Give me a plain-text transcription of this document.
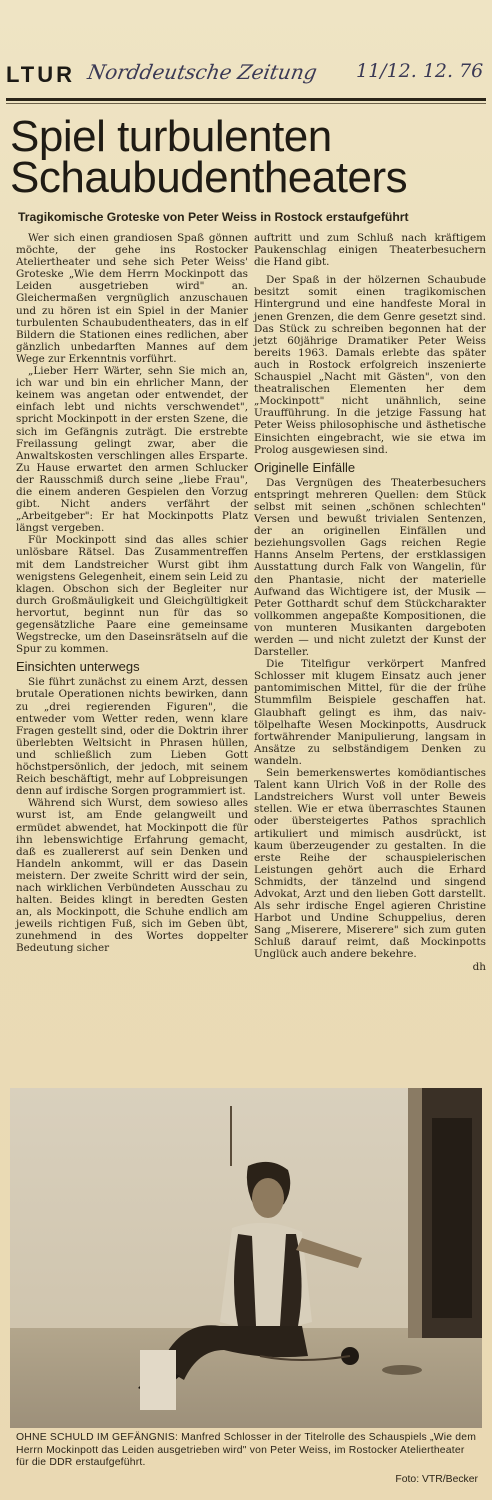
LTUR Norddeutsche Zeitung 11/12. 12. 76
Spiel turbulenten
Schaubudentheaters
Tragikomische Groteske von Peter Weiss in Rostock erstaufgeführt

Wer sich einen grandiosen Spaß gönnen möchte, der gehe ins Rostocker Ateliertheater und sehe sich Peter Weiss' Groteske „Wie dem Herrn Mockinpott das Leiden ausgetrieben wird" an. Gleichermaßen vergnüglich anzuschauen und zu hören ist ein Spiel in der Manier turbulenten Schaubudentheaters, das in elf Bildern die Stationen eines redlichen, aber gänzlich unbedarften Mannes auf dem Wege zur Erkenntnis vorführt.

„Lieber Herr Wärter, sehn Sie mich an, ich war und bin ein ehrlicher Mann, der keinem was angetan oder entwendet, der einfach lebt und nichts verschwendet", spricht Mockinpott in der ersten Szene, die sich im Gefängnis zuträgt. Die erstrebte Freilassung gelingt zwar, aber die Anwaltskosten verschlingen alles Ersparte. Zu Hause erwartet den armen Schlucker der Rausschmiß durch seine „liebe Frau", die einem anderen Gespielen den Vorzug gibt. Nicht anders verfährt der „Arbeitgeber": Er hat Mockinpotts Platz längst vergeben.

Für Mockinpott sind das alles schier unlösbare Rätsel. Das Zusammentreffen mit dem Landstreicher Wurst gibt ihm wenigstens Gelegenheit, einem sein Leid zu klagen. Obschon sich der Begleiter nur durch Großmäuligkeit und Gleichgültigkeit hervortut, beginnt nun für das so gegensätzliche Paare eine gemeinsame Wegstrecke, um den Daseinsrätseln auf die Spur zu kommen.

Einsichten unterwegs

Sie führt zunächst zu einem Arzt, dessen brutale Operationen nichts bewirken, dann zu „drei regierenden Figuren", die entweder vom Wetter reden, wenn klare Fragen gestellt sind, oder die Doktrin ihrer überlebten Weltsicht in Phrasen hüllen, und schließlich zum Lieben Gott höchstpersönlich, der jedoch, mit seinem Reich beschäftigt, mehr auf Lobpreisungen denn auf irdische Sorgen programmiert ist.

Während sich Wurst, dem sowieso alles wurst ist, am Ende gelangweilt und ermüdet abwendet, hat Mockinpott die für ihn lebenswichtige Erfahrung gemacht, daß es zuallererst auf sein Denken und Handeln ankommt, will er das Dasein meistern. Der zweite Schritt wird der sein, nach wirklichen Verbündeten Ausschau zu halten. Beides klingt in beredten Gesten an, als Mockinpott, die Schuhe endlich am jeweils richtigen Fuß, sich im Geben übt, zunehmend in des Wortes doppelter Bedeutung sicher

auftritt und zum Schluß nach kräftigem Paukenschlag einigen Theaterbesuchern die Hand gibt.

Der Spaß in der hölzernen Schaubude besitzt somit einen tragikomischen Hintergrund und eine handfeste Moral in jenen Grenzen, die dem Genre gesetzt sind. Das Stück zu schreiben begonnen hat der jetzt 60jährige Dramatiker Peter Weiss bereits 1963. Damals erlebte das später auch in Rostock erfolgreich inszenierte Schauspiel „Nacht mit Gästen", von den theatralischen Elementen her dem „Mockinpott" nicht unähnlich, seine Uraufführung. In die jetzige Fassung hat Peter Weiss philosophische und ästhetische Einsichten eingebracht, wie sie etwa im Prolog ausgewiesen sind.

Originelle Einfälle

Das Vergnügen des Theaterbesuchers entspringt mehreren Quellen: dem Stück selbst mit seinen „schönen schlechten" Versen und bewußt trivialen Sentenzen, der an originellen Einfällen und beziehungsvollen Gags reichen Regie Hanns Anselm Pertens, der erstklassigen Ausstattung durch Falk von Wangelin, für den Phantasie, nicht der materielle Aufwand das Wichtigere ist, der Musik — Peter Gotthardt schuf dem Stückcharakter vollkommen angepaßte Kompositionen, die von munteren Musikanten dargeboten werden — und nicht zuletzt der Kunst der Darsteller.

Die Titelfigur verkörpert Manfred Schlosser mit klugem Einsatz auch jener pantomimischen Mittel, für die der frühe Stummfilm Beispiele geschaffen hat. Glaubhaft gelingt es ihm, das naiv-tölpelhafte Wesen Mockinpotts, Ausdruck fortwährender Manipulierung, langsam in Ansätze zu selbständigem Denken zu wandeln.

Sein bemerkenswertes komödiantisches Talent kann Ulrich Voß in der Rolle des Landstreichers Wurst voll unter Beweis stellen. Wie er etwa überraschtes Staunen oder übersteigertes Pathos sprachlich artikuliert und mimisch ausdrückt, ist kaum überzeugender zu gestalten. In die erste Reihe der schauspielerischen Leistungen gehört auch die Erhard Schmidts, der tänzelnd und singend Advokat, Arzt und den lieben Gott darstellt. Als sehr irdische Engel agieren Christine Harbot und Undine Schuppelius, deren Sang „Miserere, Miserere" sich zum guten Schluß darauf reimt, daß Mockinpotts Unglück auch andere bekehre.

dh
OHNE SCHULD IM GEFÄNGNIS: Manfred Schlosser in der Titelrolle des Schauspiels „Wie dem Herrn Mockinpott das Leiden ausgetrieben wird" von Peter Weiss, im Rostocker Ateliertheater für die DDR erstaufgeführt.
Foto: VTR/Becker
